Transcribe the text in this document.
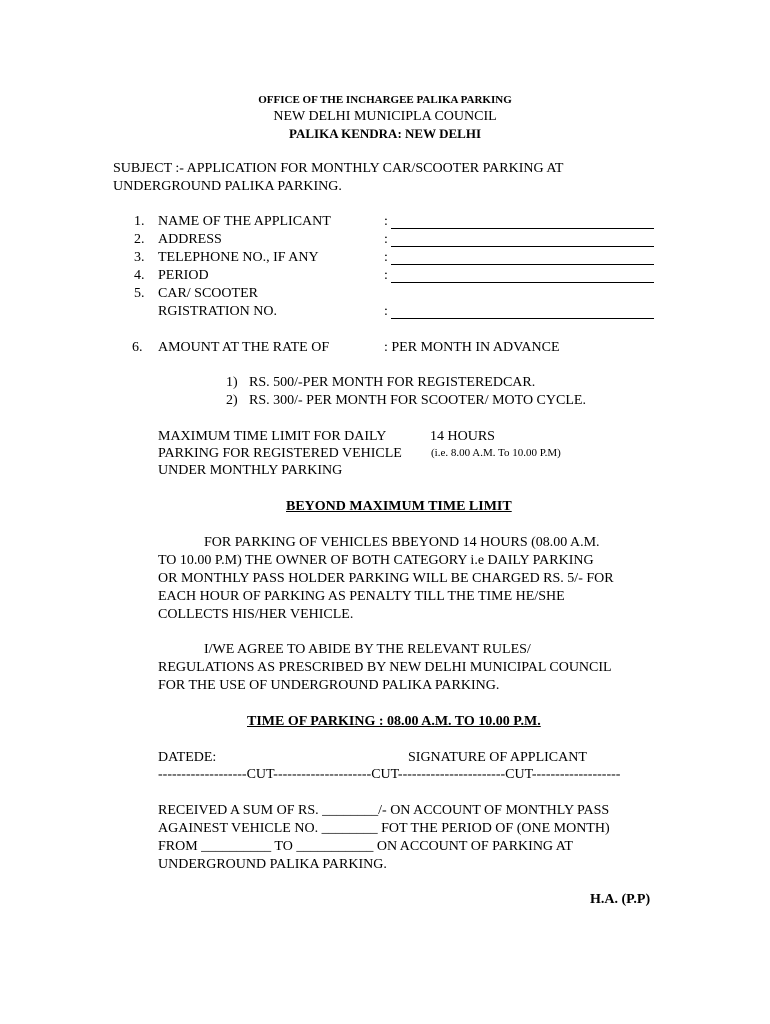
OFFICE OF THE INCHARGEE PALIKA PARKING
NEW DELHI MUNICIPLA COUNCIL
PALIKA KENDRA: NEW DELHI
SUBJECT :- APPLICATION FOR MONTHLY CAR/SCOOTER PARKING AT
UNDERGROUND PALIKA PARKING.
1. NAME OF THE APPLICANT	:
2. ADDRESS	:
3. TELEPHONE NO., IF ANY	:
4. PERIOD	:
5. CAR/ SCOOTER
RGISTRATION NO.	:
6. AMOUNT AT THE RATE OF	: PER MONTH IN ADVANCE
1) RS. 500/-PER MONTH FOR REGISTEREDCAR.
2) RS. 300/- PER MONTH FOR SCOOTER/ MOTO CYCLE.
MAXIMUM TIME LIMIT FOR DAILY	14 HOURS
PARKING FOR REGISTERED VEHICLE	(i.e. 8.00 A.M. To 10.00 P.M)
UNDER MONTHLY PARKING
BEYOND MAXIMUM TIME LIMIT
FOR PARKING OF VEHICLES BBEYOND 14 HOURS (08.00 A.M.
TO 10.00 P.M) THE OWNER OF BOTH CATEGORY i.e DAILY PARKING
OR MONTHLY PASS HOLDER PARKING WILL BE CHARGED RS. 5/- FOR
EACH HOUR OF PARKING AS PENALTY TILL THE TIME HE/SHE
COLLECTS HIS/HER VEHICLE.
I/WE AGREE TO ABIDE BY THE RELEVANT RULES/
REGULATIONS AS PRESCRIBED BY NEW DELHI MUNICIPAL COUNCIL
FOR THE USE OF UNDERGROUND PALIKA PARKING.
TIME OF PARKING : 08.00 A.M. TO 10.00 P.M.
DATEDE:	SIGNATURE OF APPLICANT
-------------------CUT---------------------CUT-----------------------CUT-------------------
RECEIVED A SUM OF RS. ________/- ON ACCOUNT OF MONTHLY PASS
AGAINEST VEHICLE NO. ________ FOT THE PERIOD OF (ONE MONTH)
FROM __________ TO ___________ ON ACCOUNT OF PARKING AT
UNDERGROUND PALIKA PARKING.
H.A. (P.P)
